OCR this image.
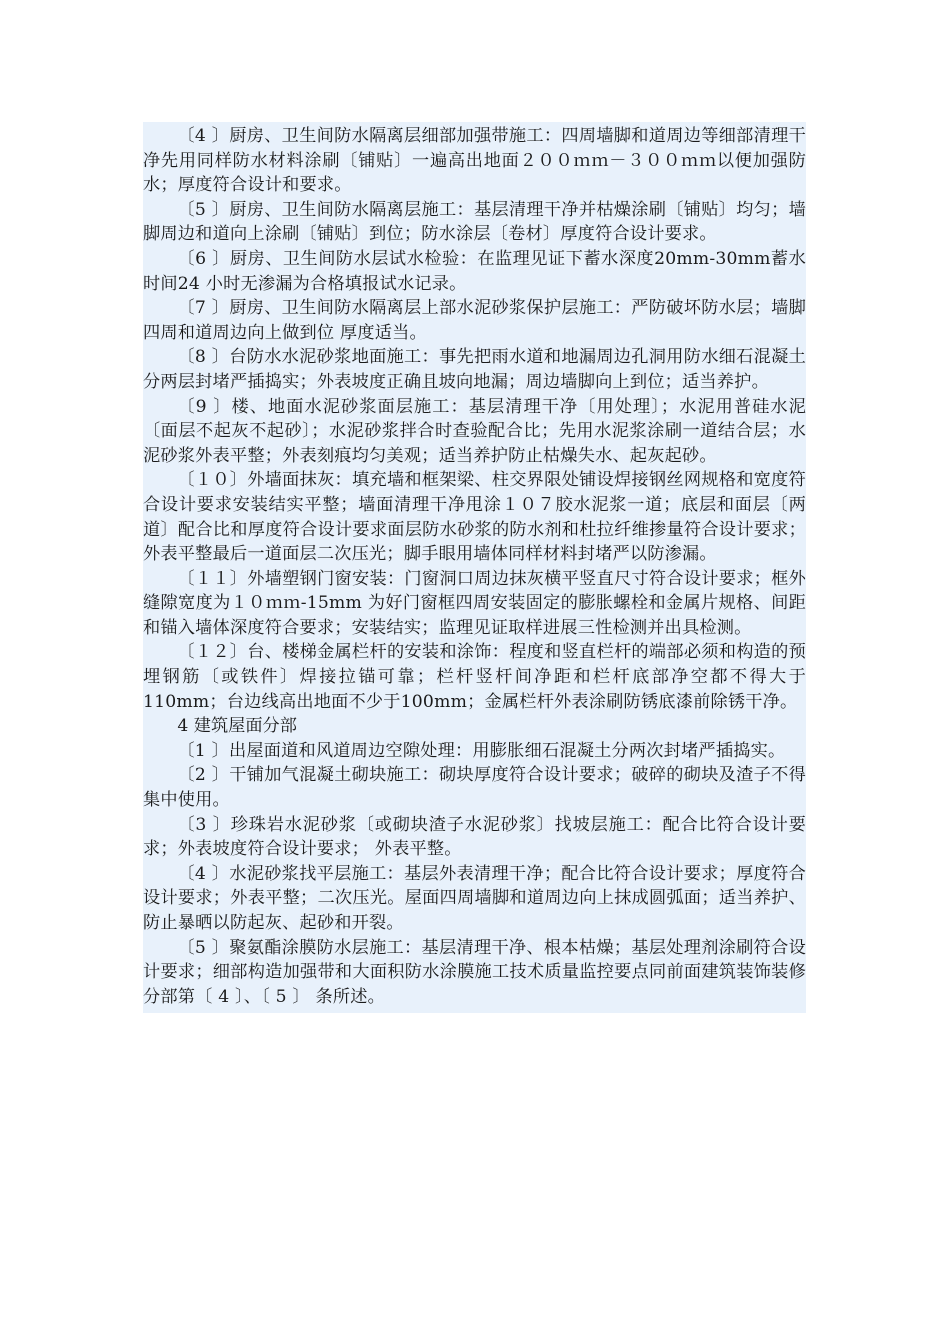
〔4 〕厨房、卫生间防水隔离层细部加强带施工：四周墙脚和道周边等细部清理干净先用同样防水材料涂刷〔铺贴〕一遍高出地面２００ｍｍ－３００ｍｍ以便加强防水；厚度符合设计和要求。

〔5 〕厨房、卫生间防水隔离层施工：基层清理干净并枯燥涂刷〔铺贴〕均匀；墙脚周边和道向上涂刷〔铺贴〕到位；防水涂层〔卷材〕厚度符合设计要求。

〔6 〕厨房、卫生间防水层试水检验：在监理见证下蓄水深度20mm-30mm蓄水时间24 小时无渗漏为合格填报试水记录。

〔7 〕厨房、卫生间防水隔离层上部水泥砂浆保护层施工：严防破坏防水层；墙脚四周和道周边向上做到位 厚度适当。

〔8 〕台防水水泥砂浆地面施工：事先把雨水道和地漏周边孔洞用防水细石混凝土分两层封堵严插捣实；外表坡度正确且坡向地漏；周边墙脚向上到位；适当养护。

〔9 〕楼、地面水泥砂浆面层施工：基层清理干净〔用处理〕；水泥用普硅水泥〔面层不起灰不起砂〕；水泥砂浆拌合时查验配合比；先用水泥浆涂刷一道结合层；水泥砂浆外表平整；外表刻痕均匀美观；适当养护防止枯燥失水、起灰起砂。

〔１０〕外墙面抹灰：填充墙和框架梁、柱交界限处铺设焊接钢丝网规格和宽度符合设计要求安装结实平整；墙面清理干净甩涂１０７胶水泥浆一道；底层和面层〔两道〕配合比和厚度符合设计要求面层防水砂浆的防水剂和杜拉纤维掺量符合设计要求；外表平整最后一道面层二次压光；脚手眼用墙体同样材料封堵严以防渗漏。

〔１１〕外墙塑钢门窗安装：门窗洞口周边抹灰横平竖直尺寸符合设计要求；框外缝隙宽度为１０ｍｍ-15mm 为好门窗框四周安装固定的膨胀螺栓和金属片规格、间距和锚入墙体深度符合要求；安装结实；监理见证取样进展三性检测并出具检测。

〔１２〕台、楼梯金属栏杆的安装和涂饰：程度和竖直栏杆的端部必须和构造的预埋钢筋〔或铁件〕焊接拉锚可靠；栏杆竖杆间净距和栏杆底部净空都不得大于110mm；台边线高出地面不少于100mm；金属栏杆外表涂刷防锈底漆前除锈干净。

4 建筑屋面分部

〔1 〕出屋面道和风道周边空隙处理：用膨胀细石混凝土分两次封堵严插捣实。

〔2 〕干铺加气混凝土砌块施工：砌块厚度符合设计要求；破碎的砌块及渣子不得集中使用。

〔3 〕珍珠岩水泥砂浆〔或砌块渣子水泥砂浆〕找坡层施工：配合比符合设计要求；外表坡度符合设计要求； 外表平整。

〔4 〕水泥砂浆找平层施工：基层外表清理干净；配合比符合设计要求；厚度符合设计要求；外表平整；二次压光。屋面四周墙脚和道周边向上抹成圆弧面；适当养护、防止暴晒以防起灰、起砂和开裂。

〔5 〕聚氨酯涂膜防水层施工：基层清理干净、根本枯燥；基层处理剂涂刷符合设计要求；细部构造加强带和大面积防水涂膜施工技术质量监控要点同前面建筑装饰装修分部第〔 4 〕、〔 5 〕 条所述。
